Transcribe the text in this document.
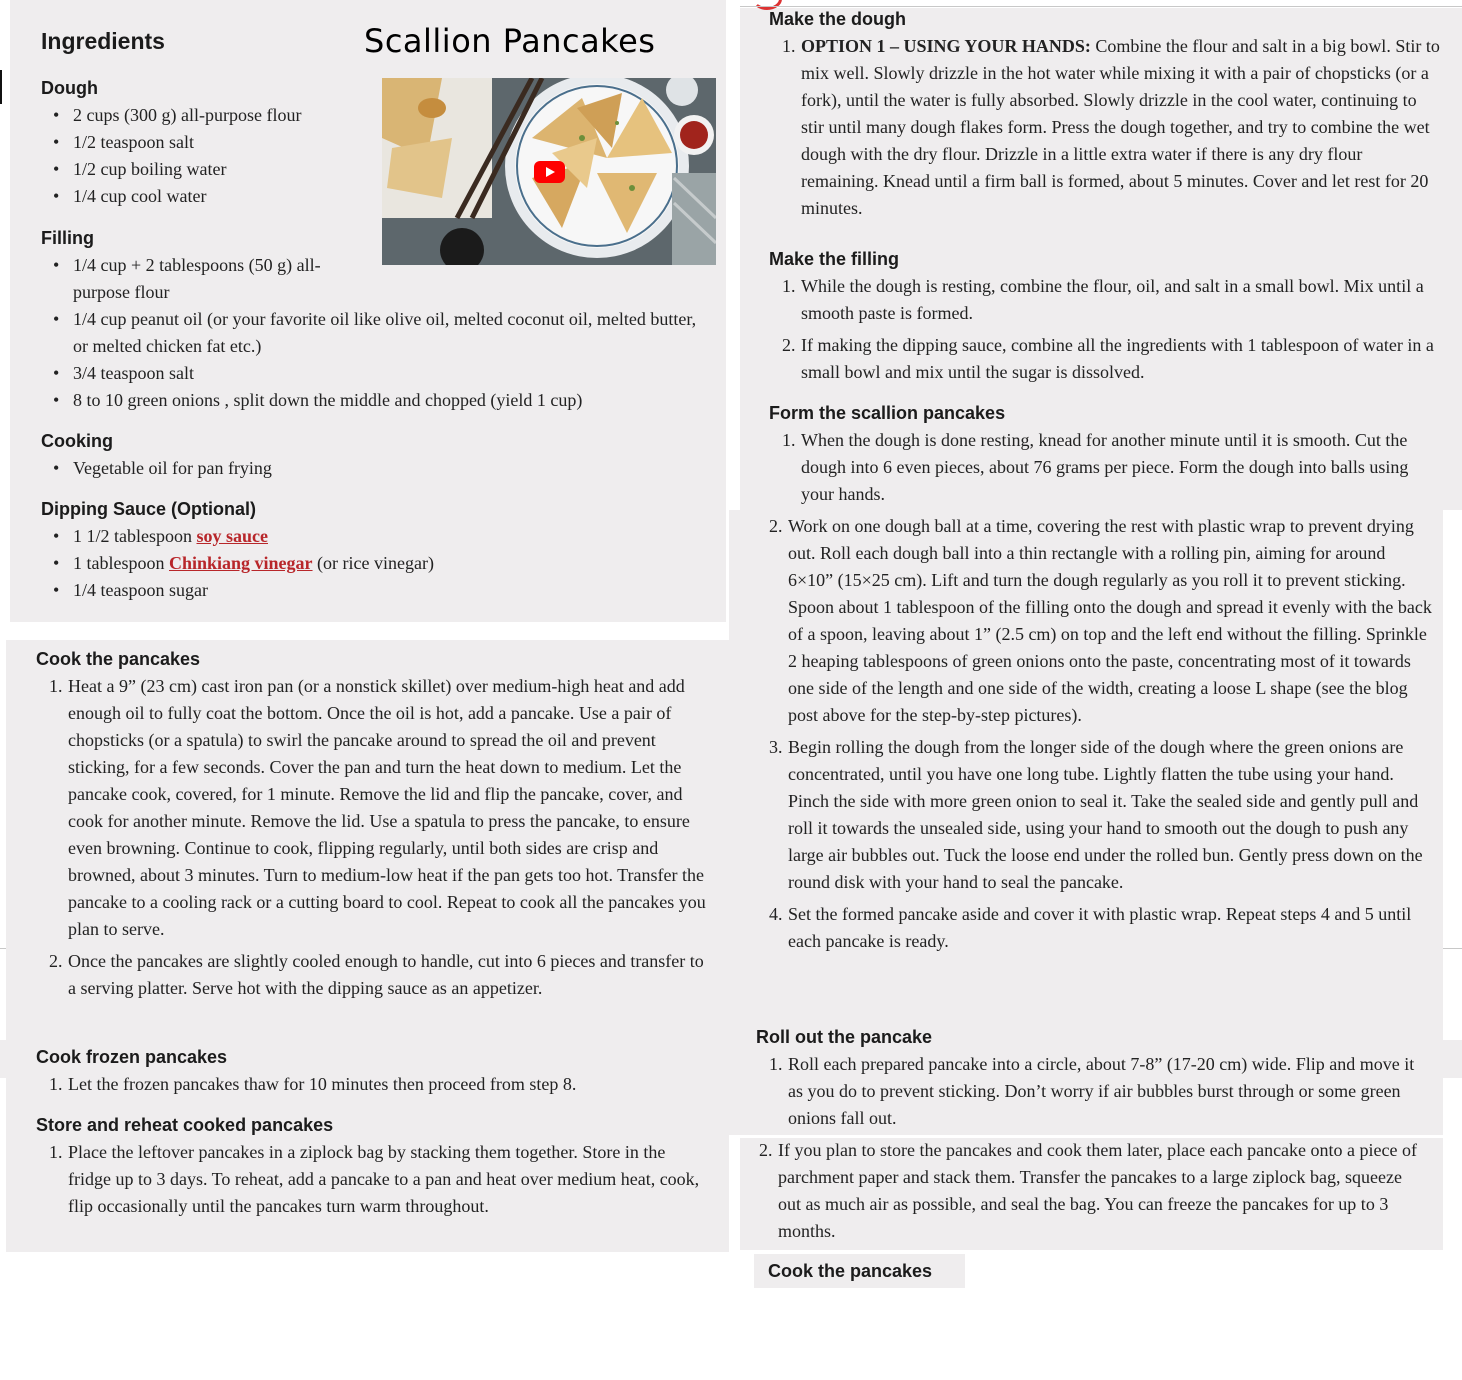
Ingredients	Scallion Pancakes
Dough
• 2 cups (300 g) all-purpose flour
• 1/2 teaspoon salt
• 1/2 cup boiling water
• 1/4 cup cool water
Filling
• 1/4 cup + 2 tablespoons (50 g) all-purpose flour
• 1/4 cup peanut oil (or your favorite oil like olive oil, melted coconut oil, melted butter, or melted chicken fat etc.)
• 3/4 teaspoon salt
• 8 to 10 green onions , split down the middle and chopped (yield 1 cup)
Cooking
• Vegetable oil for pan frying
Dipping Sauce (Optional)
• 1 1/2 tablespoon soy sauce
• 1 tablespoon Chinkiang vinegar (or rice vinegar)
• 1/4 teaspoon sugar
Cook the pancakes
1. Heat a 9” (23 cm) cast iron pan (or a nonstick skillet) over medium-high heat and add enough oil to fully coat the bottom. Once the oil is hot, add a pancake. Use a pair of chopsticks (or a spatula) to swirl the pancake around to spread the oil and prevent sticking, for a few seconds. Cover the pan and turn the heat down to medium. Let the pancake cook, covered, for 1 minute. Remove the lid and flip the pancake, cover, and cook for another minute. Remove the lid. Use a spatula to press the pancake, to ensure even browning. Continue to cook, flipping regularly, until both sides are crisp and browned, about 3 minutes. Turn to medium-low heat if the pan gets too hot. Transfer the pancake to a cooling rack or a cutting board to cool. Repeat to cook all the pancakes you plan to serve.
2. Once the pancakes are slightly cooled enough to handle, cut into 6 pieces and transfer to a serving platter. Serve hot with the dipping sauce as an appetizer.
Cook frozen pancakes
1. Let the frozen pancakes thaw for 10 minutes then proceed from step 8.
Store and reheat cooked pancakes
1. Place the leftover pancakes in a ziplock bag by stacking them together. Store in the fridge up to 3 days. To reheat, add a pancake to a pan and heat over medium heat, cook, flip occasionally until the pancakes turn warm throughout.
Make the dough
1. OPTION 1 – USING YOUR HANDS: Combine the flour and salt in a big bowl. Stir to mix well. Slowly drizzle in the hot water while mixing it with a pair of chopsticks (or a fork), until the water is fully absorbed. Slowly drizzle in the cool water, continuing to stir until many dough flakes form. Press the dough together, and try to combine the wet dough with the dry flour. Drizzle in a little extra water if there is any dry flour remaining. Knead until a firm ball is formed, about 5 minutes. Cover and let rest for 20 minutes.
Make the filling
1. While the dough is resting, combine the flour, oil, and salt in a small bowl. Mix until a smooth paste is formed.
2. If making the dipping sauce, combine all the ingredients with 1 tablespoon of water in a small bowl and mix until the sugar is dissolved.
Form the scallion pancakes
1. When the dough is done resting, knead for another minute until it is smooth. Cut the dough into 6 even pieces, about 76 grams per piece. Form the dough into balls using your hands.
2. Work on one dough ball at a time, covering the rest with plastic wrap to prevent drying out. Roll each dough ball into a thin rectangle with a rolling pin, aiming for around 6×10” (15×25 cm). Lift and turn the dough regularly as you roll it to prevent sticking. Spoon about 1 tablespoon of the filling onto the dough and spread it evenly with the back of a spoon, leaving about 1” (2.5 cm) on top and the left end without the filling. Sprinkle 2 heaping tablespoons of green onions onto the paste, concentrating most of it towards one side of the length and one side of the width, creating a loose L shape (see the blog post above for the step-by-step pictures).
3. Begin rolling the dough from the longer side of the dough where the green onions are concentrated, until you have one long tube. Lightly flatten the tube using your hand. Pinch the side with more green onion to seal it. Take the sealed side and gently pull and roll it towards the unsealed side, using your hand to smooth out the dough to push any large air bubbles out. Tuck the loose end under the rolled bun. Gently press down on the round disk with your hand to seal the pancake.
4. Set the formed pancake aside and cover it with plastic wrap. Repeat steps 4 and 5 until each pancake is ready.
Roll out the pancake
1. Roll each prepared pancake into a circle, about 7-8” (17-20 cm) wide. Flip and move it as you do to prevent sticking. Don’t worry if air bubbles burst through or some green onions fall out.
2. If you plan to store the pancakes and cook them later, place each pancake onto a piece of parchment paper and stack them. Transfer the pancakes to a large ziplock bag, squeeze out as much air as possible, and seal the bag. You can freeze the pancakes for up to 3 months.
Cook the pancakes
